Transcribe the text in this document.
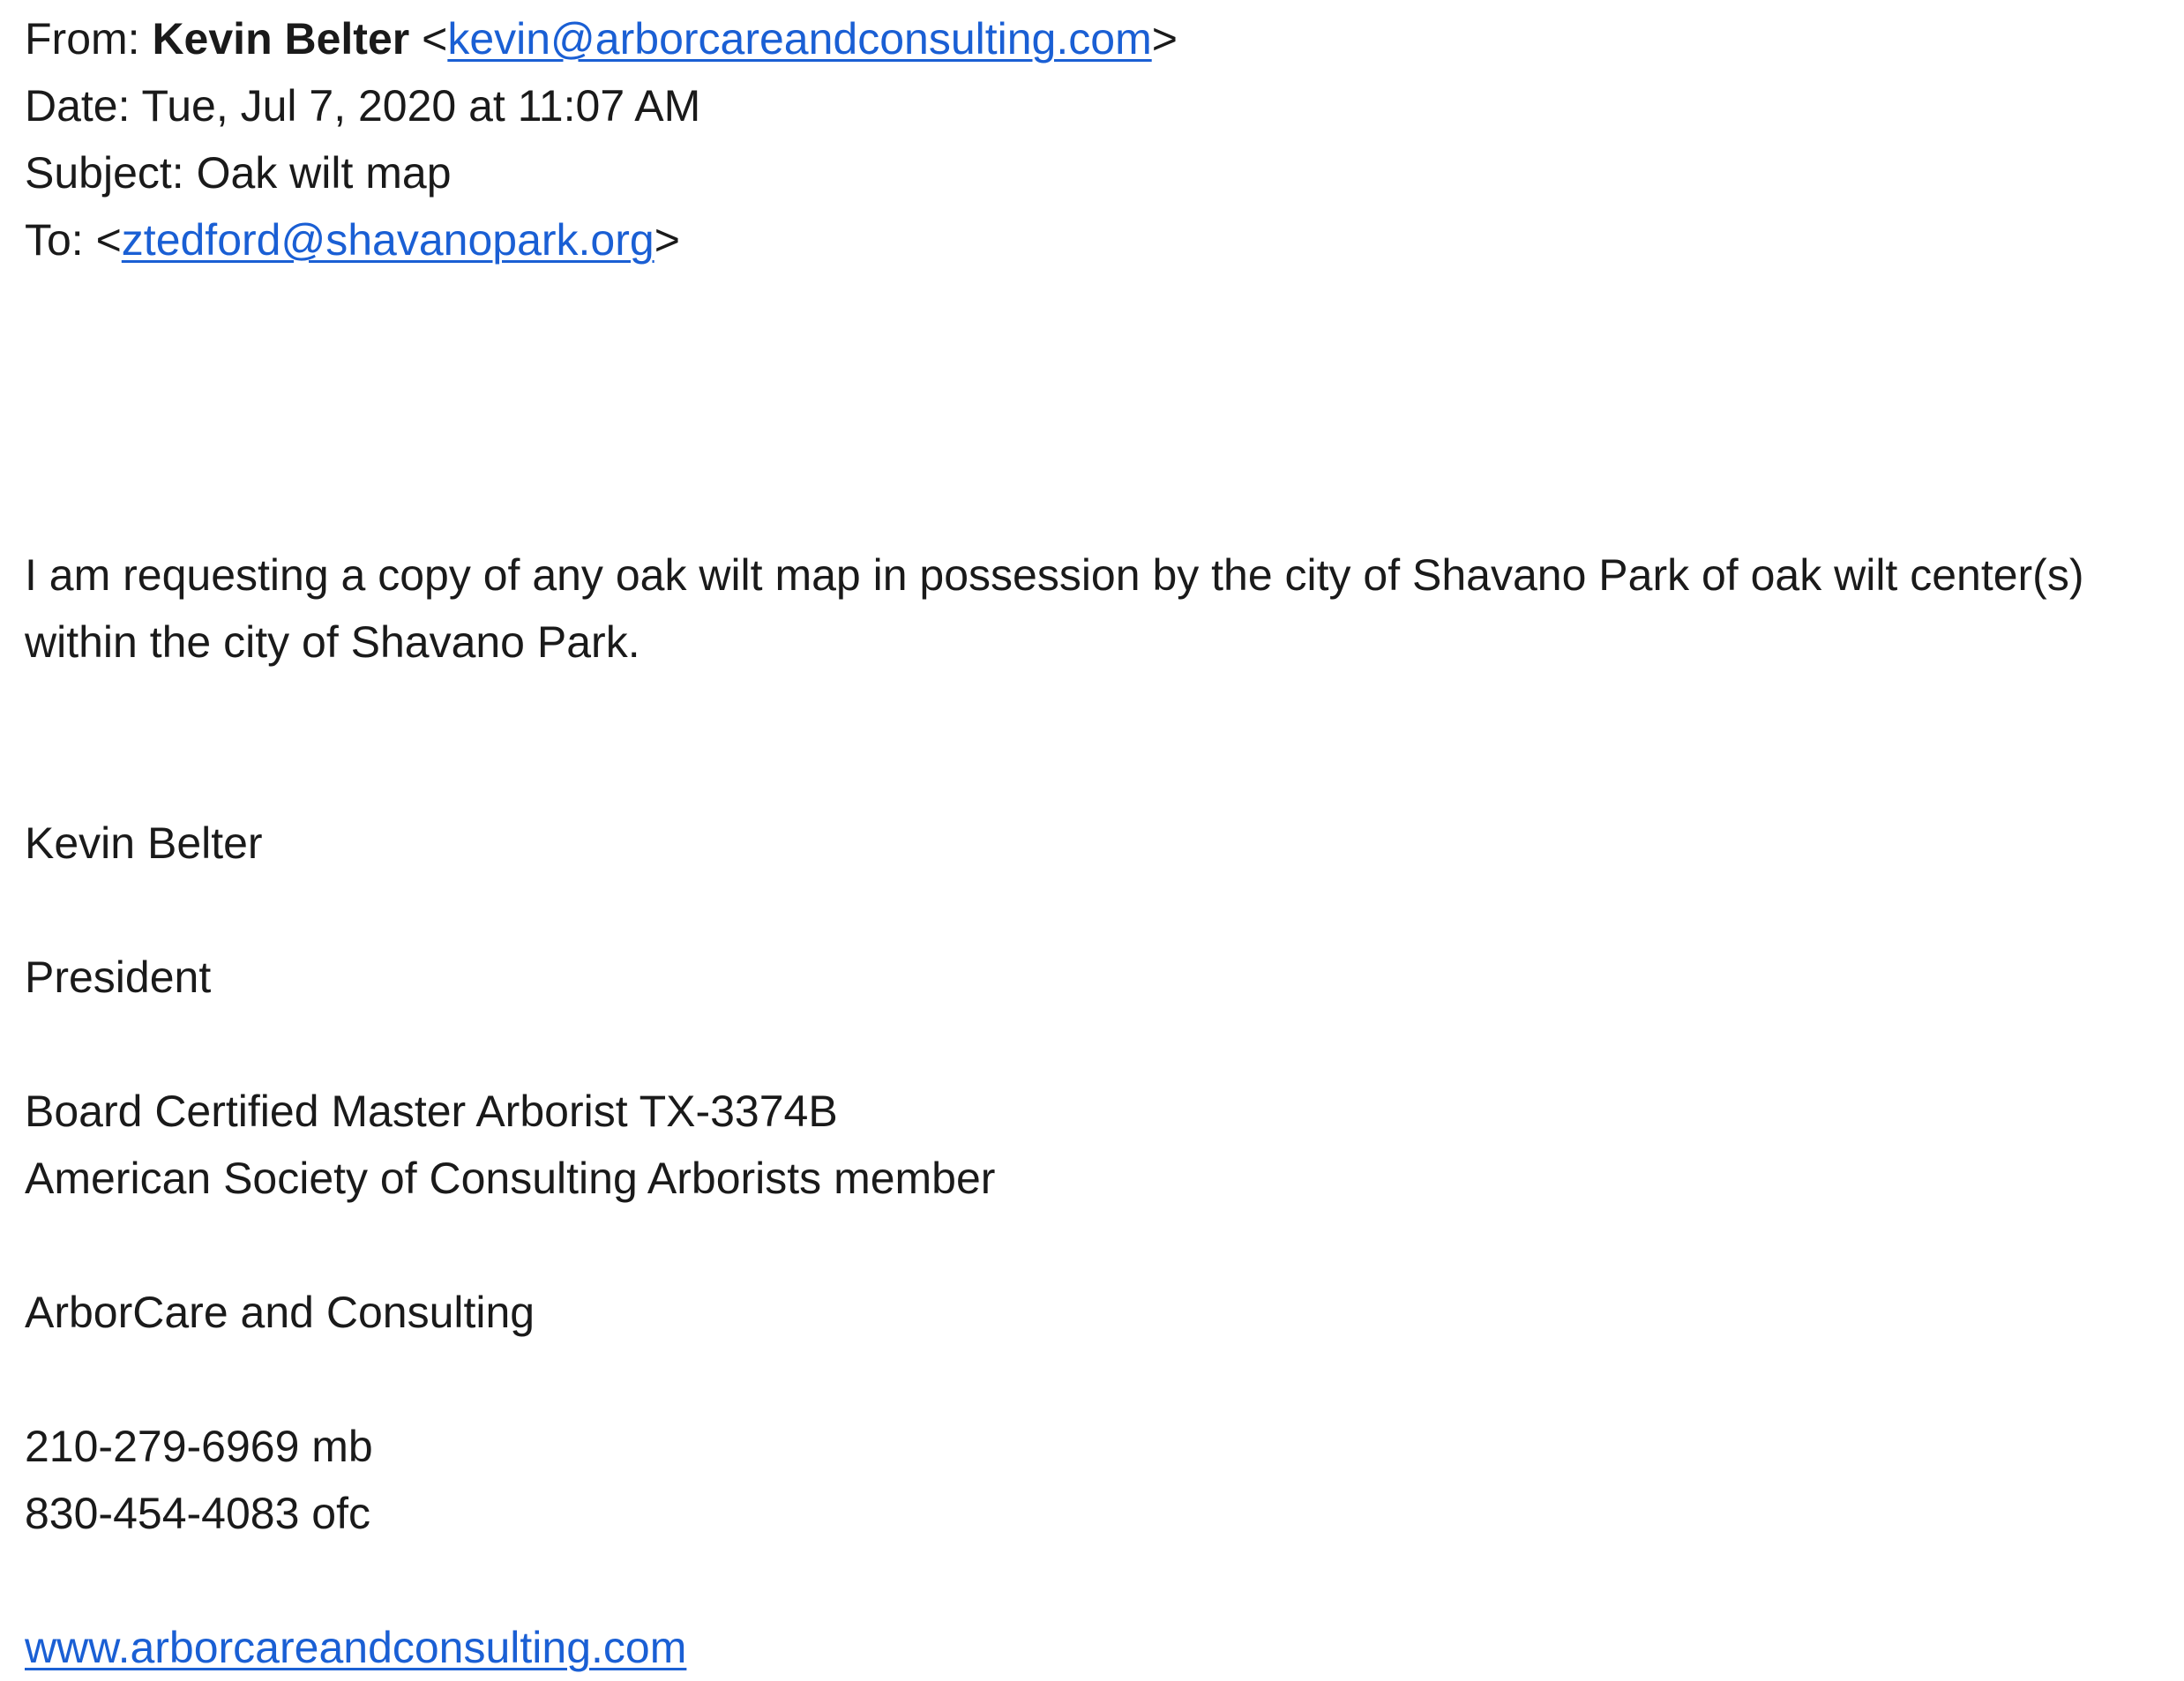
From: Kevin Belter <kevin@arborcareandconsulting.com>
Date: Tue, Jul 7, 2020 at 11:07 AM
Subject: Oak wilt map
To: <ztedford@shavanopark.org>
I am requesting a copy of any oak wilt map in possession by the city of Shavano Park of oak wilt center(s)
within the city of Shavano Park.
Kevin Belter
President
Board Certified Master Arborist TX-3374B
American Society of Consulting Arborists member
ArborCare and Consulting
210-279-6969 mb
830-454-4083 ofc
www.arborcareandconsulting.com
